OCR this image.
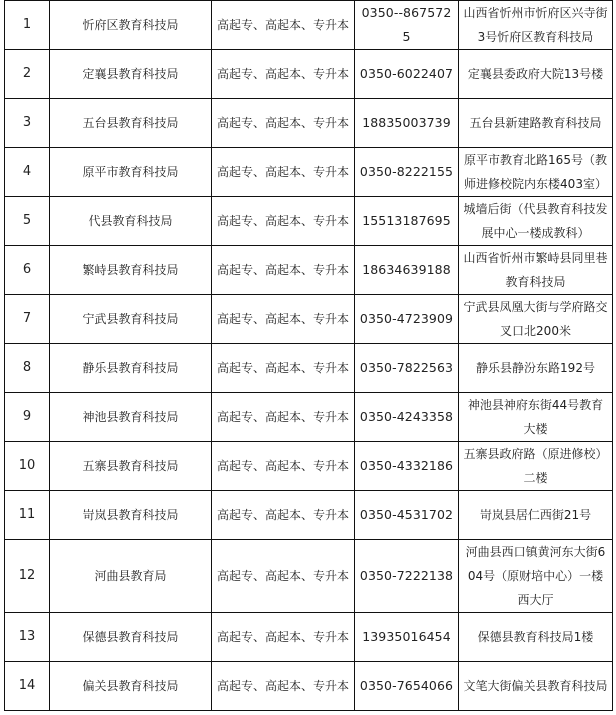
1	忻府区教育科技局	高起专、高起本、专升本	0350--8675725	山西省忻州市忻府区兴寺街3号忻府区教育科技局
2	定襄县教育科技局	高起专、高起本、专升本	0350-6022407	定襄县委政府大院13号楼
3	五台县教育科技局	高起专、高起本、专升本	18835003739	五台县新建路教育科技局
4	原平市教育科技局	高起专、高起本、专升本	0350-8222155	原平市教育北路165号（教师进修校院内东楼403室）
5	代县教育科技局	高起专、高起本、专升本	15513187695	城墙后街（代县教育科技发展中心一楼成教科）
6	繁峙县教育科技局	高起专、高起本、专升本	18634639188	山西省忻州市繁峙县同里巷教育科技局
7	宁武县教育科技局	高起专、高起本、专升本	0350-4723909	宁武县凤凰大街与学府路交叉口北200米
8	静乐县教育科技局	高起专、高起本、专升本	0350-7822563	静乐县静汾东路192号
9	神池县教育科技局	高起专、高起本、专升本	0350-4243358	神池县神府东街44号教育大楼
10	五寨县教育科技局	高起专、高起本、专升本	0350-4332186	五寨县政府路（原进修校）二楼
11	岢岚县教育科技局	高起专、高起本、专升本	0350-4531702	岢岚县居仁西街21号
12	河曲县教育局	高起专、高起本、专升本	0350-7222138	河曲县西口镇黄河东大街604号（原财培中心）一楼西大厅
13	保德县教育科技局	高起专、高起本、专升本	13935016454	保德县教育科技局1楼
14	偏关县教育科技局	高起专、高起本、专升本	0350-7654066	文笔大街偏关县教育科技局
